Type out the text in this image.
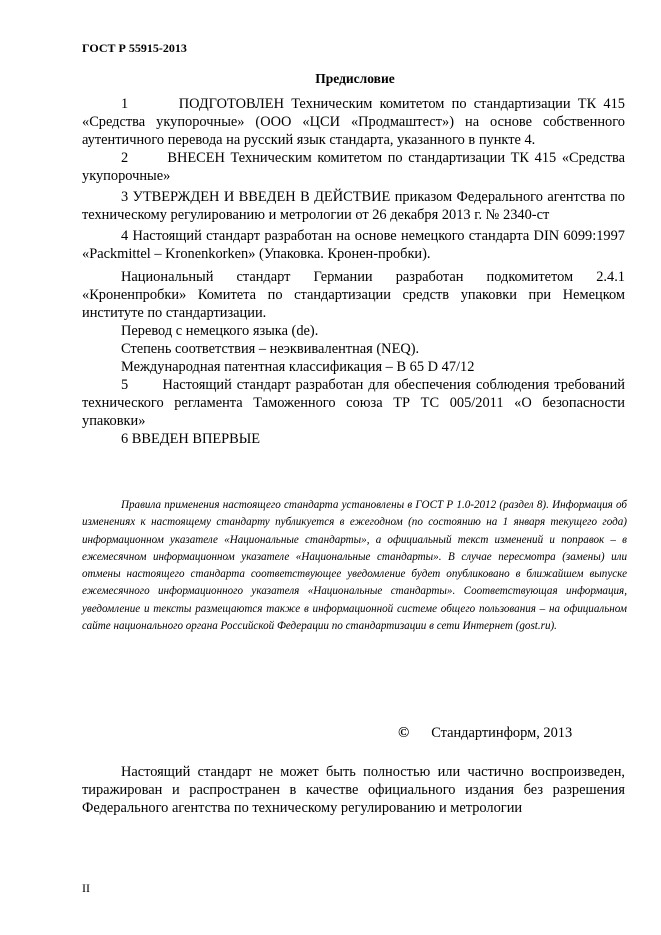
ГОСТ Р 55915-2013
Предисловие

1       ПОДГОТОВЛЕН Техническим комитетом по стандартизации ТК 415 «Средства укупорочные» (ООО «ЦСИ «Продмаштест») на основе собственного аутентичного перевода на русский язык стандарта, указанного в пункте 4.

2       ВНЕСЕН Техническим комитетом по стандартизации ТК 415 «Средства укупорочные»

3 УТВЕРЖДЕН И ВВЕДЕН В ДЕЙСТВИЕ приказом Федерального агентства по техническому регулированию и метрологии от 26 декабря 2013 г. № 2340-ст

4 Настоящий стандарт разработан на основе немецкого стандарта DIN 6099:1997 «Packmittel – Kronenkorken» (Упаковка. Кронен-пробки).

Национальный стандарт Германии разработан подкомитетом 2.4.1 «Кроненпробки» Комитета по стандартизации средств упаковки при Немецком институте по стандартизации.

Перевод с немецкого языка (de).

Степень соответствия – неэквивалентная (NEQ).

Международная патентная классификация – B 65 D 47/12

5       Настоящий стандарт разработан для обеспечения соблюдения требований технического регламента Таможенного союза ТР ТС 005/2011 «О безопасности упаковки»

6 ВВЕДЕН ВПЕРВЫЕ

Правила применения настоящего стандарта установлены в ГОСТ Р 1.0-2012 (раздел 8). Информация об изменениях к настоящему стандарту публикуется в ежегодном (по состоянию на 1 января текущего года) информационном указателе «Национальные стандарты», а официальный текст изменений и поправок – в ежемесячном информационном указателе «Национальные стандарты». В случае пересмотра (замены) или отмены настоящего стандарта соответствующее уведомление будет опубликовано в ближайшем выпуске ежемесячного информационного указателя «Национальные стандарты». Соответствующая информация, уведомление и тексты размещаются также в информационной системе общего пользования – на официальном сайте национального органа Российской Федерации по стандартизации в сети Интернет (gost.ru).

© Стандартинформ, 2013

Настоящий стандарт не может быть полностью или частично воспроизведен, тиражирован и распространен в качестве официального издания без разрешения Федерального агентства по техническому регулированию и метрологии

II
